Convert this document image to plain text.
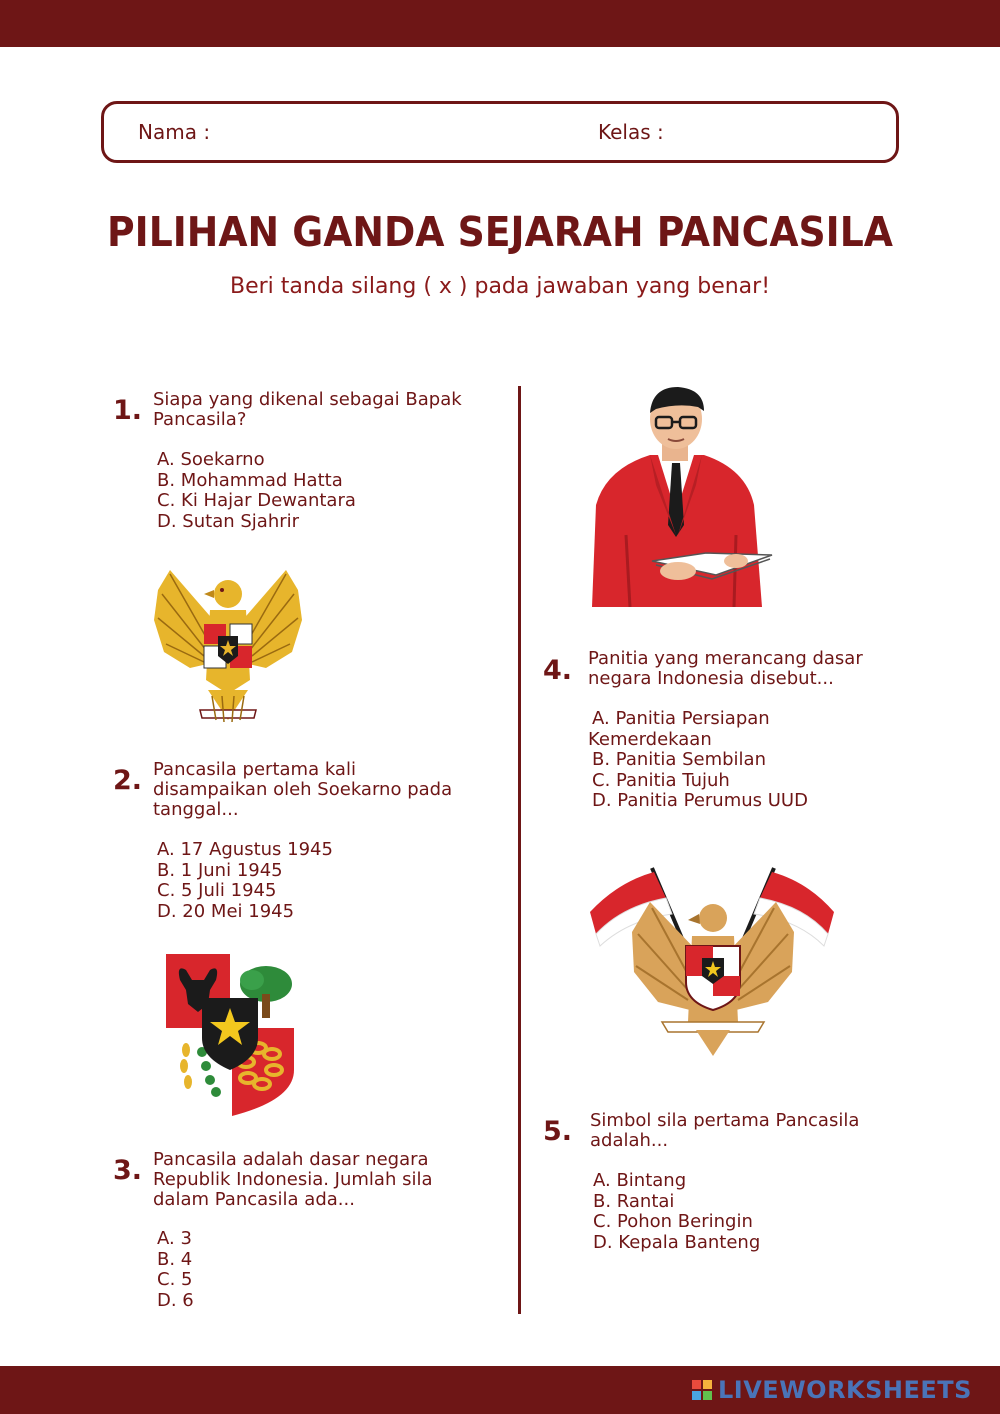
Nama :	Kelas :
PILIHAN GANDA SEJARAH PANCASILA
Beri tanda silang ( x ) pada jawaban yang benar!
1. Siapa yang dikenal sebagai Bapak
Pancasila?
A. Soekarno
B. Mohammad Hatta
C. Ki Hajar Dewantara
D. Sutan Sjahrir
2. Pancasila pertama kali
disampaikan oleh Soekarno pada
tanggal...
A. 17 Agustus 1945
B. 1 Juni 1945
C. 5 Juli 1945
D. 20 Mei 1945
3. Pancasila adalah dasar negara
Republik Indonesia. Jumlah sila
dalam Pancasila ada...
A. 3
B. 4
C. 5
D. 6
4. Panitia yang merancang dasar
negara Indonesia disebut...
A. Panitia Persiapan
Kemerdekaan
B. Panitia Sembilan
C. Panitia Tujuh
D. Panitia Perumus UUD
5. Simbol sila pertama Pancasila
adalah...
A. Bintang
B. Rantai
C. Pohon Beringin
D. Kepala Banteng
LIVEWORKSHEETS
